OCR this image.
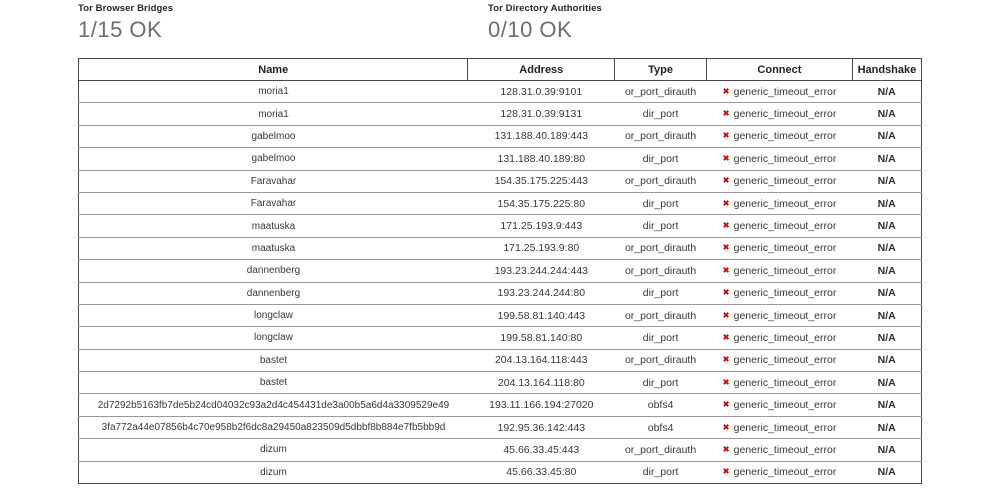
Tor Browser Bridges
1/15 OK
Tor Directory Authorities
0/10 OK
Name	Address	Type	Connect	Handshake
moria1	128.31.0.39:9101	or_port_dirauth	✖ generic_timeout_error	N/A
moria1	128.31.0.39:9131	dir_port	✖ generic_timeout_error	N/A
gabelmoo	131.188.40.189:443	or_port_dirauth	✖ generic_timeout_error	N/A
gabelmoo	131.188.40.189:80	dir_port	✖ generic_timeout_error	N/A
Faravahar	154.35.175.225:443	or_port_dirauth	✖ generic_timeout_error	N/A
Faravahar	154.35.175.225:80	dir_port	✖ generic_timeout_error	N/A
maatuska	171.25.193.9:443	dir_port	✖ generic_timeout_error	N/A
maatuska	171.25.193.9:80	or_port_dirauth	✖ generic_timeout_error	N/A
dannenberg	193.23.244.244:443	or_port_dirauth	✖ generic_timeout_error	N/A
dannenberg	193.23.244.244:80	dir_port	✖ generic_timeout_error	N/A
longclaw	199.58.81.140:443	or_port_dirauth	✖ generic_timeout_error	N/A
longclaw	199.58.81.140:80	dir_port	✖ generic_timeout_error	N/A
bastet	204.13.164.118:443	or_port_dirauth	✖ generic_timeout_error	N/A
bastet	204.13.164.118:80	dir_port	✖ generic_timeout_error	N/A
2d7292b5163fb7de5b24cd04032c93a2d4c454431de3a00b5a6d4a3309529e49	193.11.166.194:27020	obfs4	✖ generic_timeout_error	N/A
3fa772a44e07856b4c70e958b2f6dc8a29450a823509d5dbbf8b884e7fb5bb9d	192.95.36.142:443	obfs4	✖ generic_timeout_error	N/A
dizum	45.66.33.45:443	or_port_dirauth	✖ generic_timeout_error	N/A
dizum	45.66.33.45:80	dir_port	✖ generic_timeout_error	N/A
